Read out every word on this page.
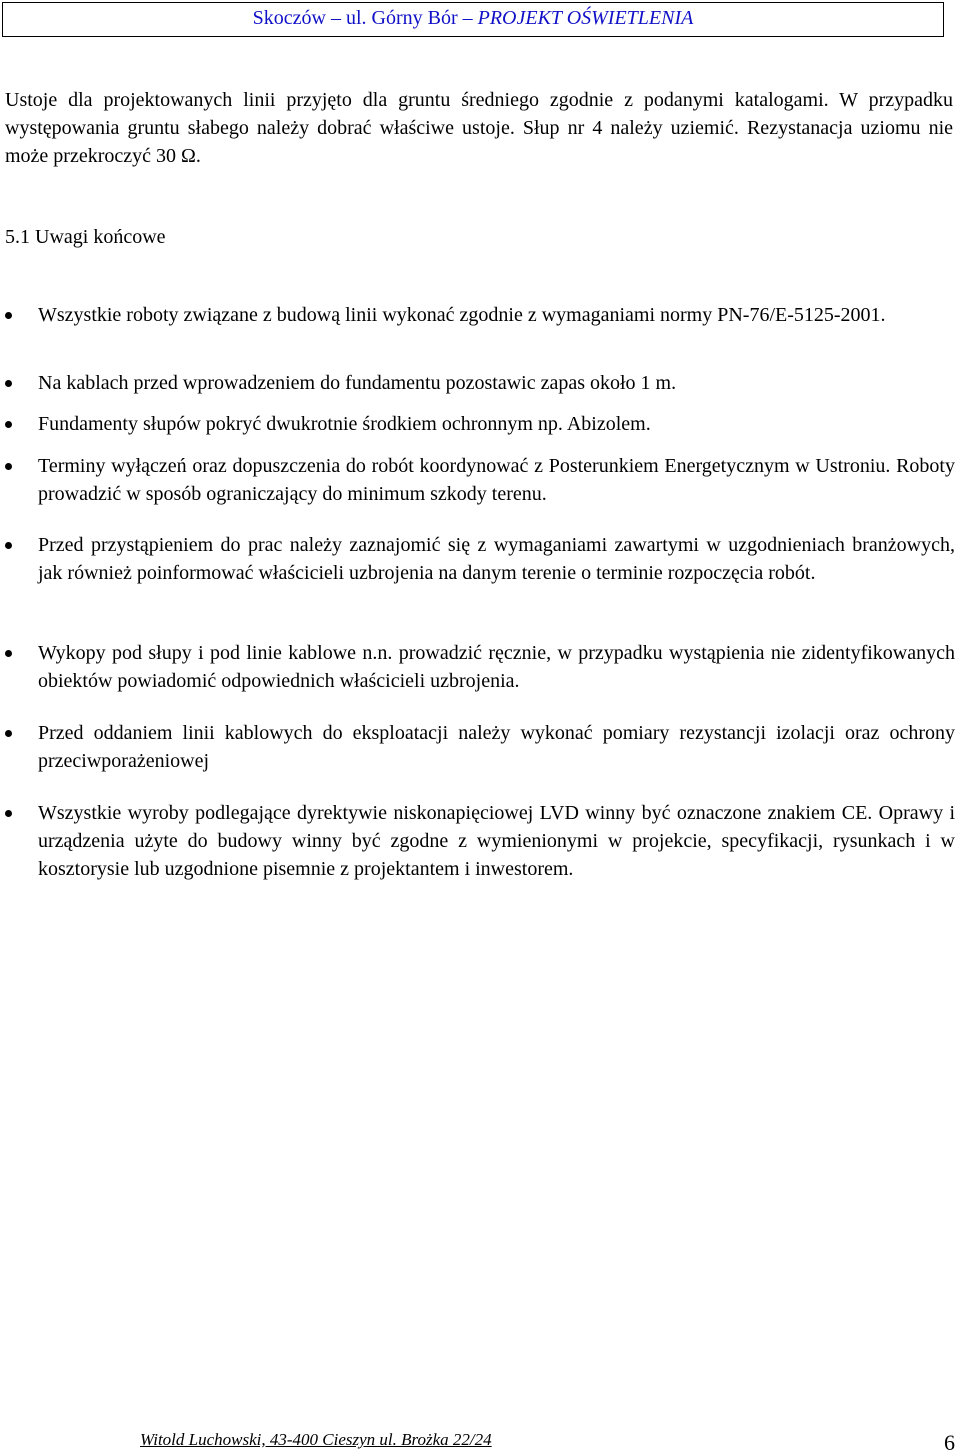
Skoczów – ul. Górny Bór – PROJEKT OŚWIETLENIA
Ustoje dla projektowanych linii przyjęto dla gruntu średniego zgodnie z podanymi katalogami. W przypadku występowania gruntu słabego należy dobrać właściwe ustoje. Słup nr 4 należy uziemić. Rezystanacja uziomu nie może przekroczyć 30 Ω.
5.1 Uwagi końcowe
Wszystkie roboty związane z budową linii wykonać zgodnie z wymaganiami normy PN-76/E-5125-2001.
Na kablach przed wprowadzeniem do fundamentu pozostawic zapas około 1 m.
Fundamenty słupów pokryć dwukrotnie środkiem ochronnym np. Abizolem.
Terminy wyłączeń oraz dopuszczenia do robót koordynować z Posterunkiem Energetycznym w Ustroniu. Roboty prowadzić w sposób ograniczający do minimum szkody terenu.
Przed przystąpieniem do prac należy zaznajomić się z wymaganiami zawartymi w uzgodnieniach branżowych, jak również poinformować właścicieli uzbrojenia na danym terenie o terminie rozpoczęcia robót.
Wykopy pod słupy i pod linie kablowe n.n. prowadzić ręcznie, w przypadku wystąpienia nie zidentyfikowanych obiektów powiadomić odpowiednich właścicieli uzbrojenia.
Przed oddaniem linii kablowych do eksploatacji należy wykonać pomiary rezystancji izolacji oraz ochrony przeciwporażeniowej
Wszystkie wyroby podlegające dyrektywie niskonapięciowej LVD winny być oznaczone znakiem CE. Oprawy i urządzenia użyte do budowy winny być zgodne z wymienionymi w projekcie, specyfikacji, rysunkach i w kosztorysie lub uzgodnione pisemnie z projektantem i inwestorem.
Witold Luchowski, 43-400 Cieszyn ul. Brożka 22/24	6
